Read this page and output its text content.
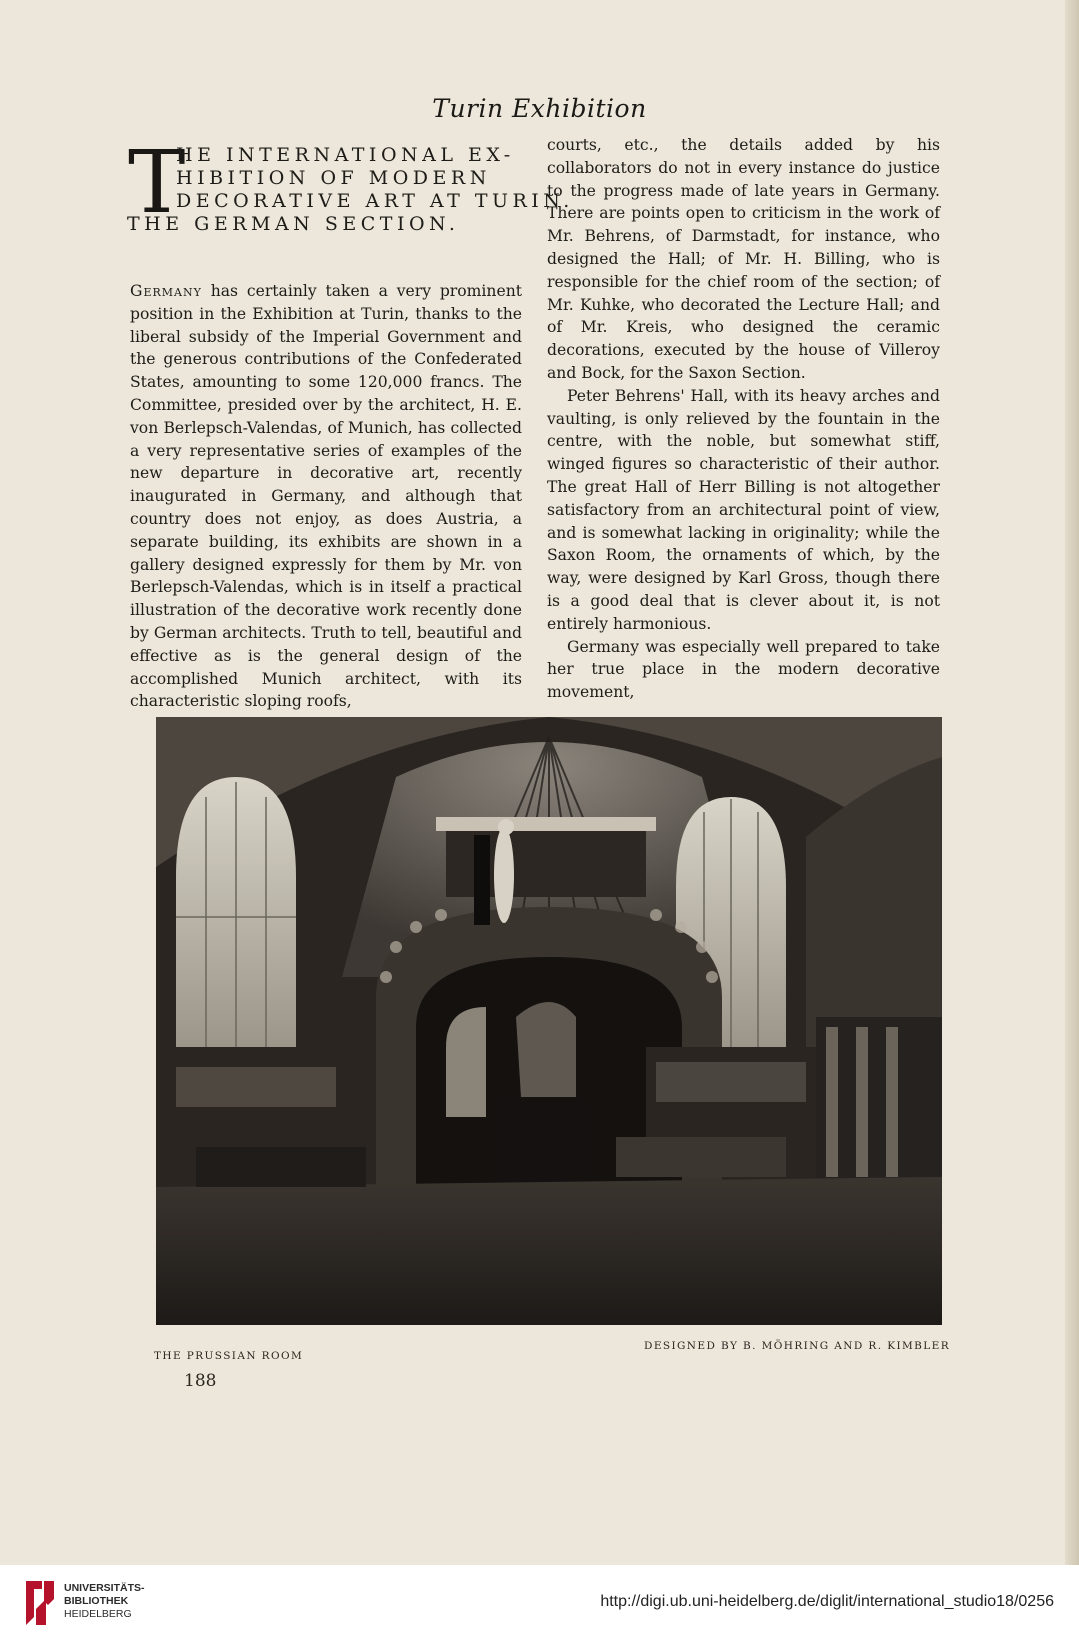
Turin Exhibition
T
HE INTERNATIONAL EX-
HIBITION OF MODERN
DECORATIVE ART AT TURIN.
THE GERMAN SECTION.

Germany has certainly taken a very prominent position in the Exhibition at Turin, thanks to the liberal subsidy of the Imperial Government and the generous contributions of the Confederated States, amounting to some 120,000 francs. The Committee, presided over by the architect, H. E. von Berlepsch-Valendas, of Munich, has collected a very representative series of examples of the new departure in decorative art, recently inaugurated in Germany, and although that country does not enjoy, as does Austria, a separate building, its exhibits are shown in a gallery designed expressly for them by Mr. von Berlepsch-Valendas, which is in itself a practical illustration of the decorative work recently done by German architects. Truth to tell, beautiful and effective as is the general design of the accomplished Munich architect, with its characteristic sloping roofs,

courts, etc., the details added by his collaborators do not in every instance do justice to the progress made of late years in Germany. There are points open to criticism in the work of Mr. Behrens, of Darmstadt, for instance, who designed the Hall; of Mr. H. Billing, who is responsible for the chief room of the section; of Mr. Kuhke, who decorated the Lecture Hall; and of Mr. Kreis, who designed the ceramic decorations, executed by the house of Villeroy and Bock, for the Saxon Section.

Peter Behrens' Hall, with its heavy arches and vaulting, is only relieved by the fountain in the centre, with the noble, but somewhat stiff, winged figures so characteristic of their author. The great Hall of Herr Billing is not altogether satisfactory from an architectural point of view, and is somewhat lacking in originality; while the Saxon Room, the ornaments of which, by the way, were designed by Karl Gross, though there is a good deal that is clever about it, is not entirely harmonious.

Germany was especially well prepared to take her true place in the modern decorative movement,

THE PRUSSIAN ROOM
DESIGNED BY B. MÖHRING AND R. KIMBLER
188
UNIVERSITÄTS-
BIBLIOTHEK
HEIDELBERG
http://digi.ub.uni-heidelberg.de/diglit/international_studio18/0256
